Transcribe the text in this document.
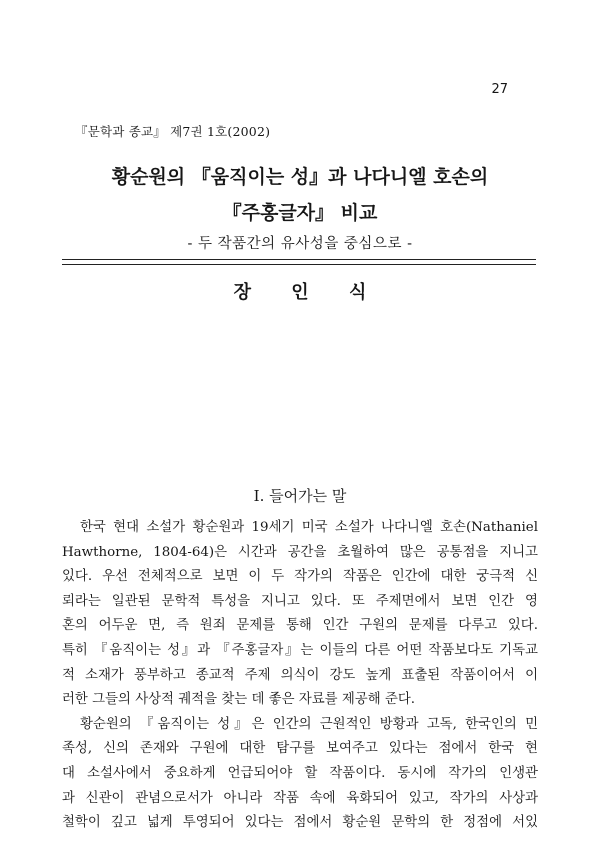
27
『문학과 종교』 제7권 1호(2002)
황순원의 『움직이는 성』과 나다니엘 호손의
『주홍글자』 비교
- 두 작품간의 유사성을 중심으로 -
장 인 식
Ⅰ. 들어가는 말
한국 현대 소설가 황순원과 19세기 미국 소설가 나다니엘 호손(Nathaniel
Hawthorne, 1804-64)은 시간과 공간을 초월하여 많은 공통점을 지니고
있다. 우선 전체적으로 보면 이 두 작가의 작품은 인간에 대한 궁극적 신
뢰라는 일관된 문학적 특성을 지니고 있다. 또 주제면에서 보면 인간 영
혼의 어두운 면, 즉 원죄 문제를 통해 인간 구원의 문제를 다루고 있다.
특히 『움직이는 성』과 『주홍글자』는 이들의 다른 어떤 작품보다도 기독교
적 소재가 풍부하고 종교적 주제 의식이 강도 높게 표출된 작품이어서 이
러한 그들의 사상적 궤적을 찾는 데 좋은 자료를 제공해 준다.
황순원의 『움직이는 성』은 인간의 근원적인 방황과 고독, 한국인의 민
족성, 신의 존재와 구원에 대한 탐구를 보여주고 있다는 점에서 한국 현
대 소설사에서 중요하게 언급되어야 할 작품이다. 동시에 작가의 인생관
과 신관이 관념으로서가 아니라 작품 속에 육화되어 있고, 작가의 사상과
철학이 깊고 넓게 투영되어 있다는 점에서 황순원 문학의 한 정점에 서있
